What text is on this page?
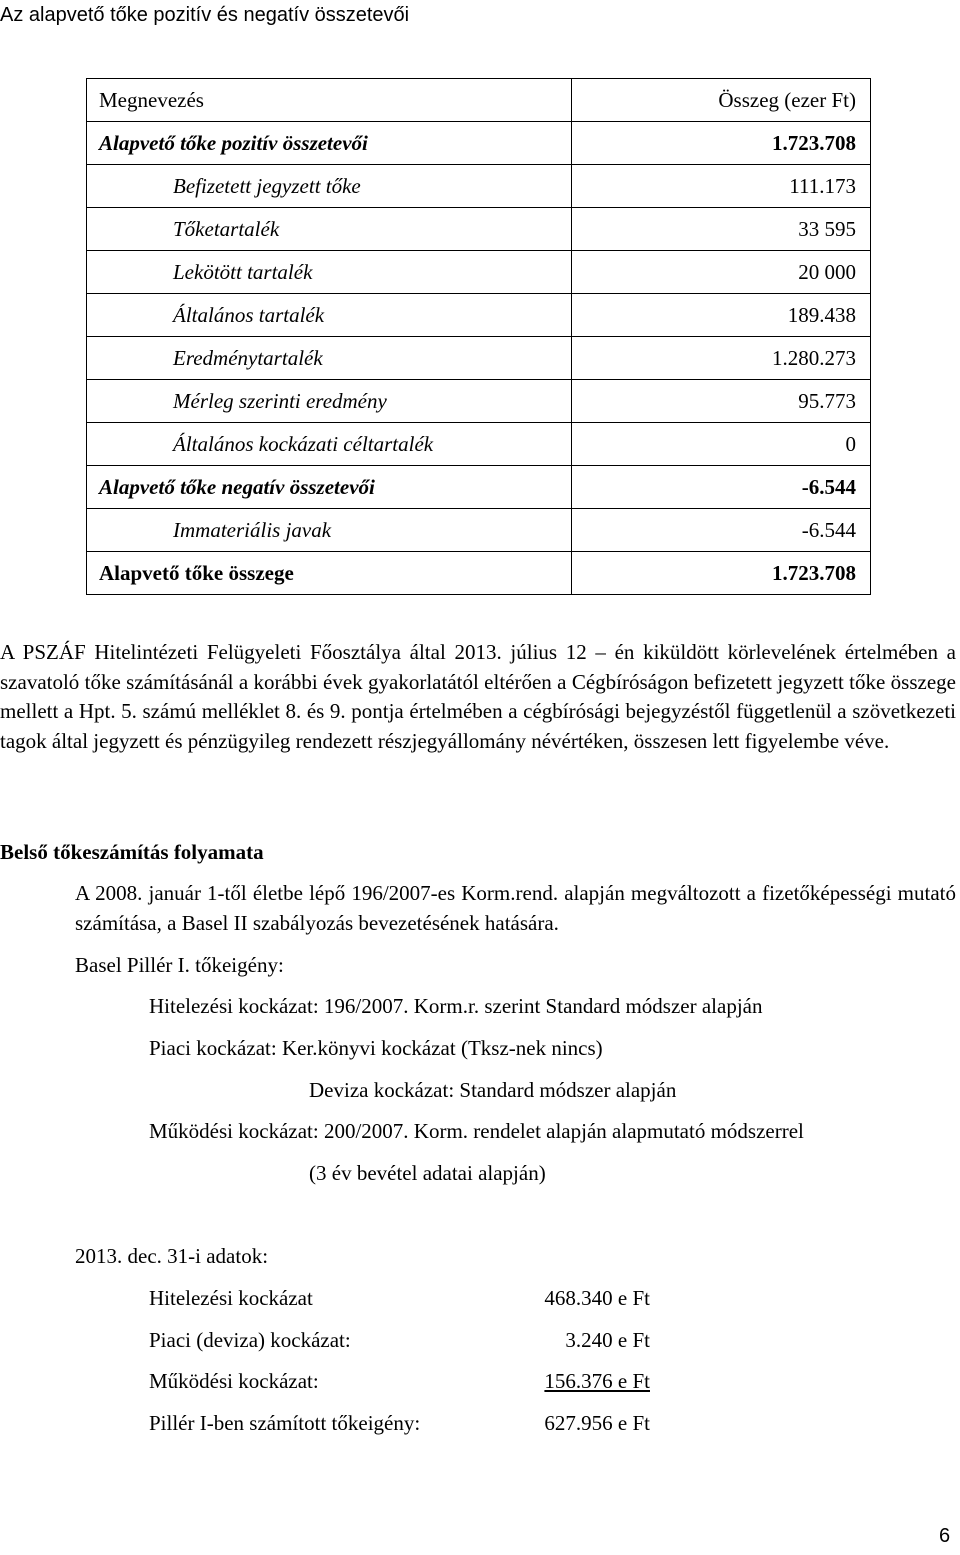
Az alapvető tőke pozitív és negatív összetevői
Megnevezés	Összeg (ezer Ft)
Alapvető tőke pozitív összetevői	1.723.708
Befizetett jegyzett tőke	111.173
Tőketartalék	33 595
Lekötött tartalék	20 000
Általános tartalék	189.438
Eredménytartalék	1.280.273
Mérleg szerinti eredmény	95.773
Általános kockázati céltartalék	0
Alapvető tőke negatív összetevői	-6.544
Immateriális javak	-6.544
Alapvető tőke összege	1.723.708

A PSZÁF Hitelintézeti Felügyeleti Főosztálya által 2013. július 12 – én kiküldött körlevelének értelmében a szavatoló tőke számításánál a korábbi évek gyakorlatától eltérően a Cégbíróságon befizetett jegyzett tőke összege mellett a Hpt. 5. számú melléklet 8. és 9. pontja értelmében a cégbírósági bejegyzéstől függetlenül a szövetkezeti tagok által jegyzett és pénzügyileg rendezett részjegyállomány névértéken, összesen lett figyelembe véve.

Belső tőkeszámítás folyamata

A 2008. január 1-től életbe lépő 196/2007-es Korm.rend. alapján megváltozott a fizetőképességi mutató számítása, a Basel II szabályozás bevezetésének hatására.

Basel Pillér I. tőkeigény:
Hitelezési kockázat: 196/2007. Korm.r. szerint Standard módszer alapján
Piaci kockázat: Ker.könyvi kockázat (Tksz-nek nincs)
Deviza kockázat: Standard módszer alapján
Működési kockázat: 200/2007. Korm. rendelet alapján alapmutató módszerrel
(3 év bevétel adatai alapján)
2013. dec. 31-i adatok:
Hitelezési kockázat	468.340 e Ft
Piaci (deviza) kockázat:	3.240 e Ft
Működési kockázat:	156.376 e Ft
Pillér I-ben számított tőkeigény:	627.956 e Ft
6
